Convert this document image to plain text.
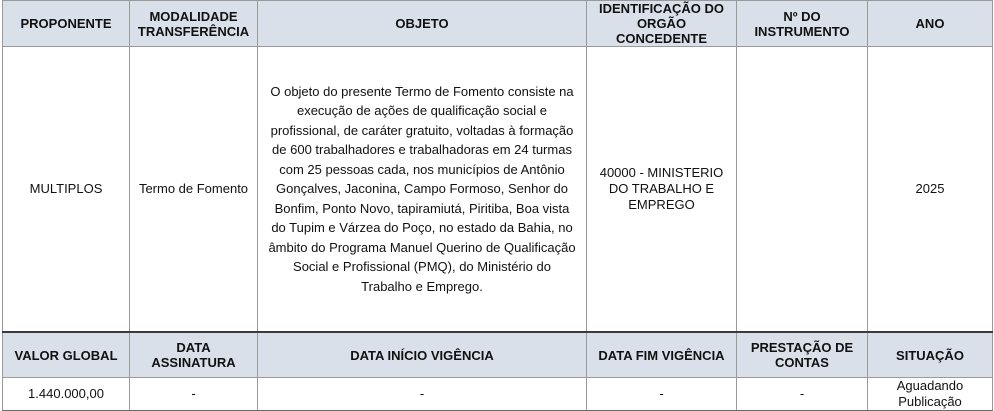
PROPONENTE	MODALIDADE TRANSFERÊNCIA	OBJETO	IDENTIFICAÇÃO DO ORGÃO CONCEDENTE	Nº DO INSTRUMENTO	ANO
MULTIPLOS	Termo de Fomento	O objeto do presente Termo de Fomento consiste na execução de ações de qualificação social e profissional, de caráter gratuito, voltadas à formação de 600 trabalhadores e trabalhadoras em 24 turmas com 25 pessoas cada, nos municípios de Antônio Gonçalves, Jaconina, Campo Formoso, Senhor do Bonfim, Ponto Novo, tapiramiutá, Piritiba, Boa vista do Tupim e Várzea do Poço, no estado da Bahia, no âmbito do Programa Manuel Querino de Qualificação Social e Profissional (PMQ), do Ministério do Trabalho e Emprego.	40000 - MINISTERIO DO TRABALHO E EMPREGO		2025
VALOR GLOBAL	DATA ASSINATURA	DATA INÍCIO VIGÊNCIA	DATA FIM VIGÊNCIA	PRESTAÇÃO DE CONTAS	SITUAÇÃO
1.440.000,00	-	-	-	-	Aguadando Publicação
